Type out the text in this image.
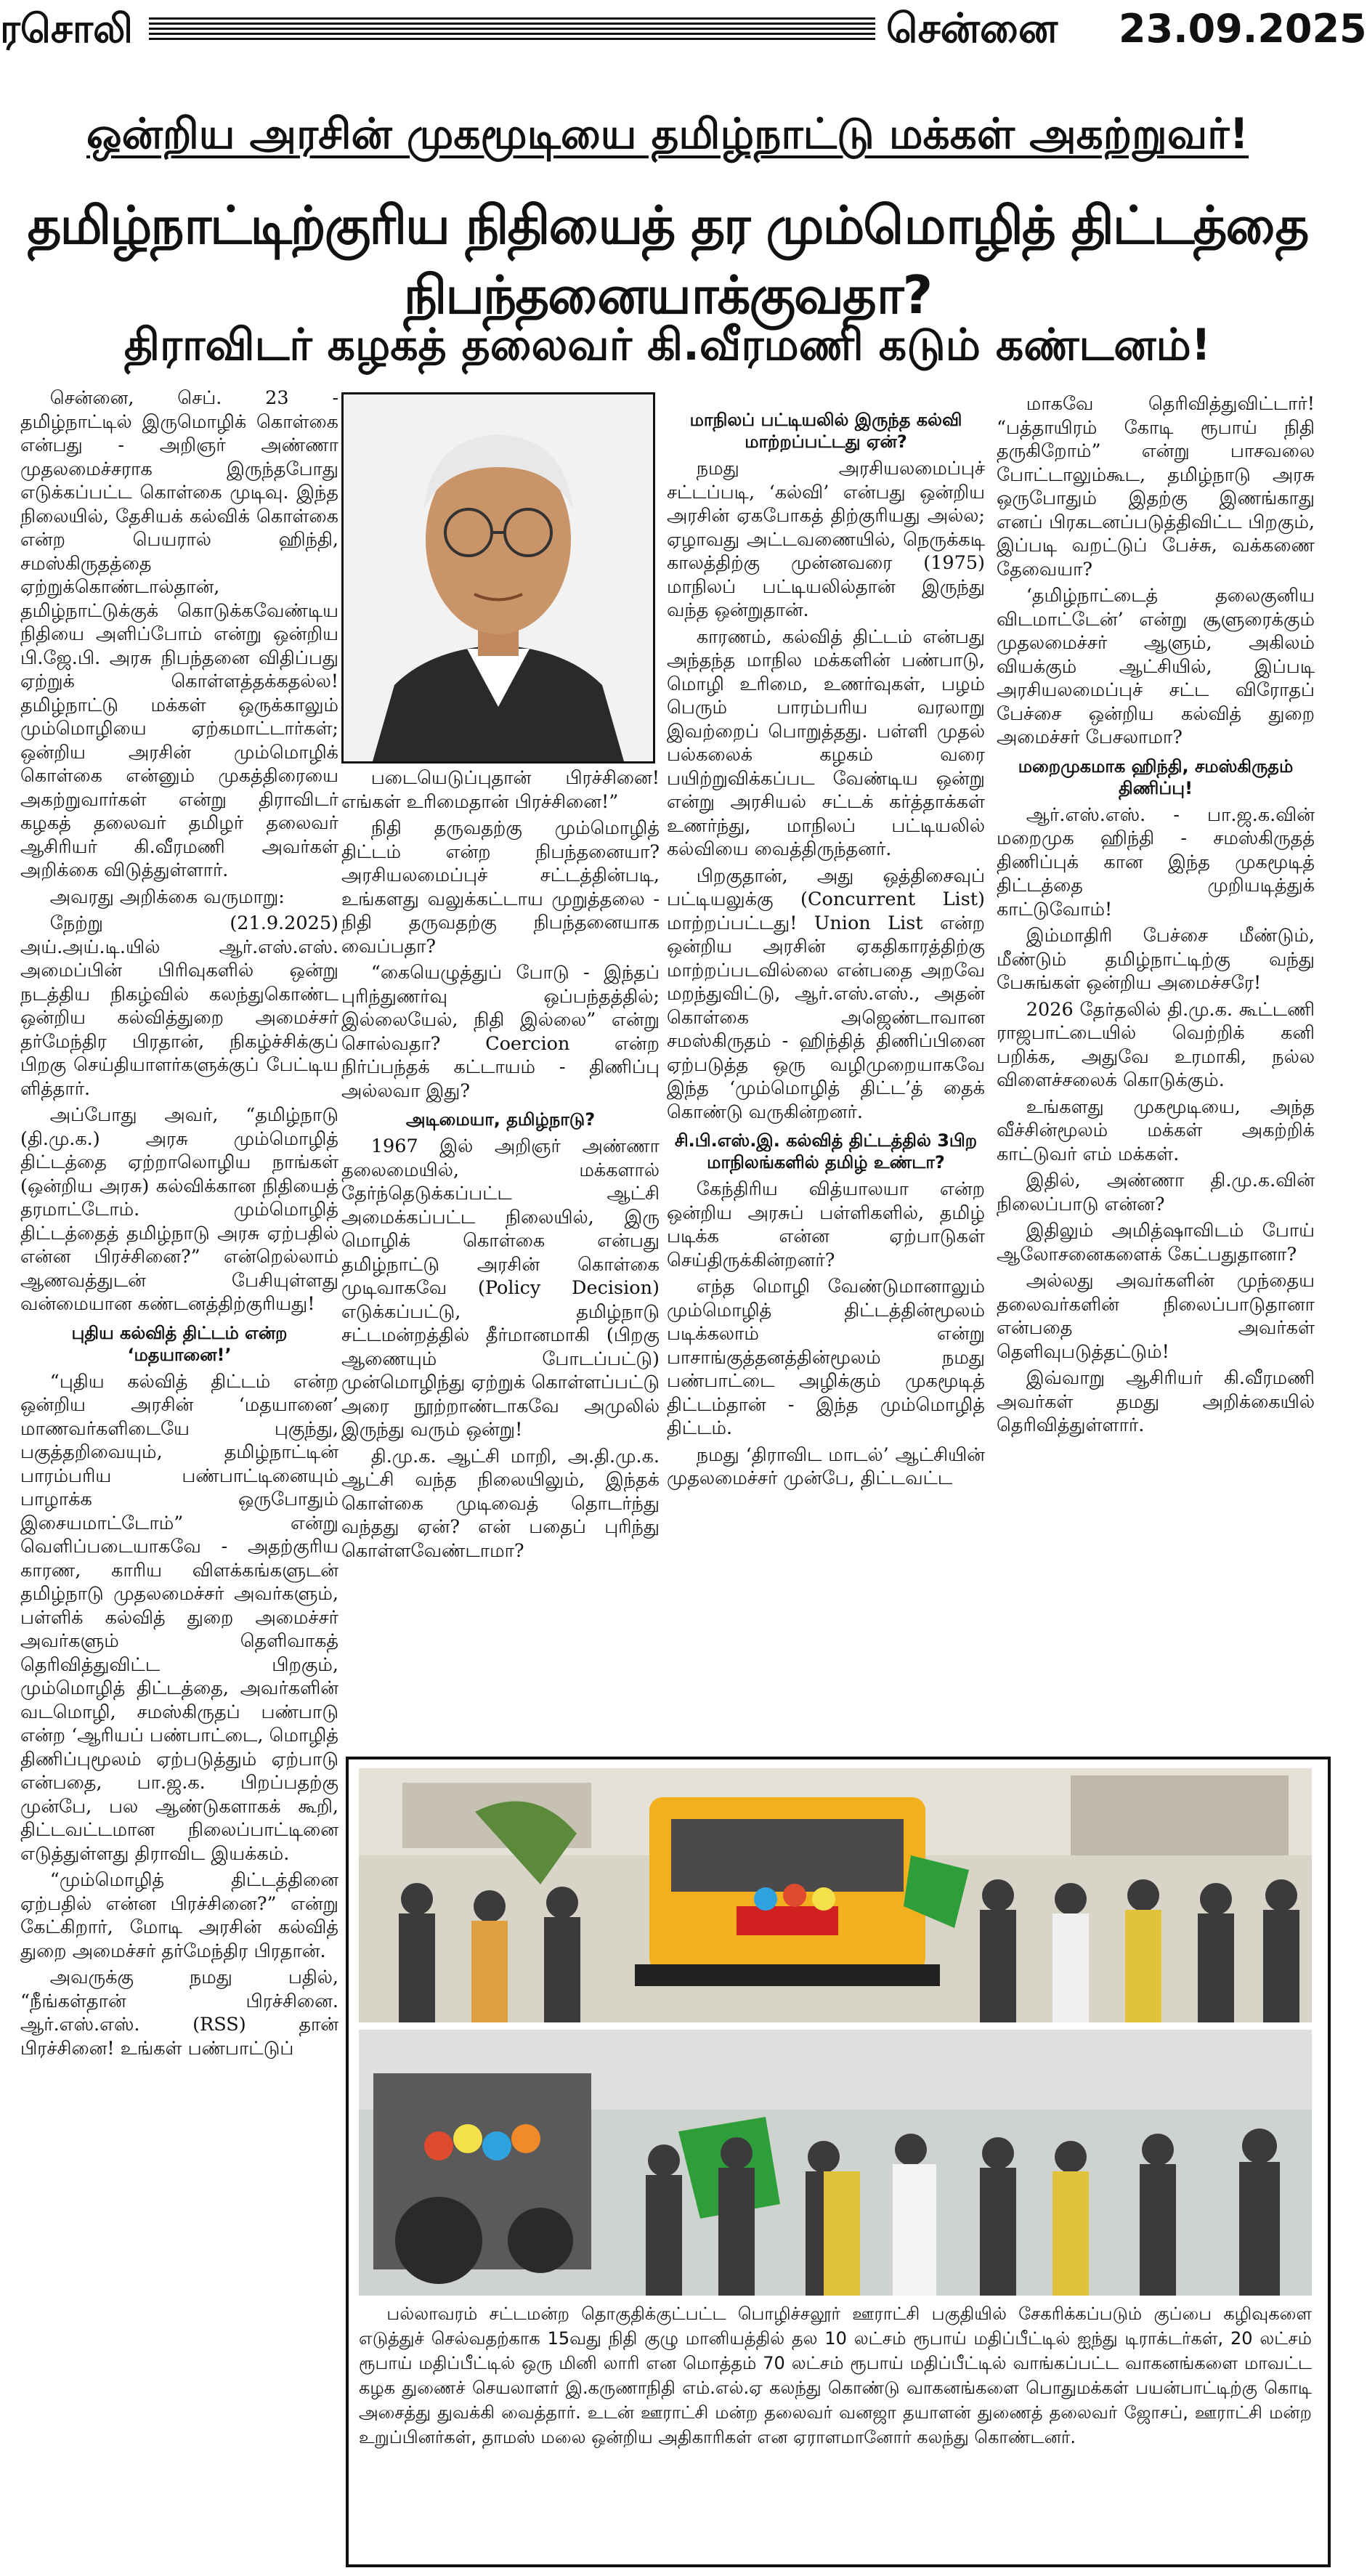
ரசொலி	சென்னை 23.09.2025
ஒன்றிய அரசின் முகமூடியை தமிழ்நாட்டு மக்கள் அகற்றுவர்!
தமிழ்நாட்டிற்குரிய நிதியைத் தர மும்மொழித் திட்டத்தை நிபந்தனையாக்குவதா?
திராவிடர் கழகத் தலைவர் கி.வீரமணி கடும் கண்டனம்!

சென்னை, செப். 23 - தமிழ்நாட்டில் இருமொழிக் கொள்கை என்பது - அறிஞர் அண்ணா முதலமைச்சராக இருந்தபோது எடுக்கப்பட்ட கொள்கை முடிவு. இந்த நிலையில், தேசியக் கல்விக் கொள்கை என்ற பெயரால் ஹிந்தி, சமஸ்கிருதத்தை ஏற்றுக்கொண்டால்தான், தமிழ்நாட்டுக்குக் கொடுக்கவேண்டிய நிதியை அளிப்போம் என்று ஒன்றிய பி.ஜே.பி. அரசு நிபந்தனை விதிப்பது ஏற்றுக் கொள்ளத்தக்கதல்ல! தமிழ்நாட்டு மக்கள் ஒருக்காலும் மும்மொழியை ஏற்கமாட்டார்கள்; ஒன்றிய அரசின் மும்மொழிக் கொள்கை என்னும் முகத்திரையை அகற்றுவார்கள் என்று திராவிடர் கழகத் தலைவர் தமிழர் தலைவர் ஆசிரியர் கி.வீரமணி அவர்கள் அறிக்கை விடுத்துள்ளார்.

அவரது அறிக்கை வருமாறு:

நேற்று (21.9.2025) அய்.அய்.டி.யில் ஆர்.எஸ்.எஸ். அமைப்பின் பிரிவுகளில் ஒன்று நடத்திய நிகழ்வில் கலந்துகொண்ட ஒன்றிய கல்வித்துறை அமைச்சர் தர்மேந்திர பிரதான், நிகழ்ச்சிக்குப் பிறகு செய்தியாளர்களுக்குப் பேட்டிய ளித்தார்.

அப்போது அவர், “தமிழ்நாடு (தி.மு.க.) அரசு மும்மொழித் திட்டத்தை ஏற்றாலொழிய நாங்கள் (ஒன்றிய அரசு) கல்விக்கான நிதியைத் தரமாட்டோம். மும்மொழித் திட்டத்தைத் தமிழ்நாடு அரசு ஏற்பதில் என்ன பிரச்சினை?” என்றெல்லாம் ஆணவத்துடன் பேசியுள்ளது வன்மையான கண்டனத்திற்குரியது!

புதிய கல்வித் திட்டம் என்ற ‘மதயானை!’

“புதிய கல்வித் திட்டம் என்ற ஒன்றிய அரசின் ‘மதயானை’ மாணவர்களிடையே புகுந்து, பகுத்தறிவையும், தமிழ்நாட்டின் பாரம்பரிய பண்பாட்டினையும் பாழாக்க ஒருபோதும் இசையமாட்டோம்” என்று வெளிப்படையாகவே - அதற்குரிய காரண, காரிய விளக்கங்களுடன் தமிழ்நாடு முதலமைச்சர் அவர்களும், பள்ளிக் கல்வித் துறை அமைச்சர் அவர்களும் தெளிவாகத் தெரிவித்துவிட்ட பிறகும், மும்மொழித் திட்டத்தை, அவர்களின் வடமொழி, சமஸ்கிருதப் பண்பாடு என்ற ‘ஆரியப் பண்பாட்டை, மொழித் திணிப்புமூலம் ஏற்படுத்தும் ஏற்பாடு என்பதை, பா.ஜ.க. பிறப்பதற்கு முன்பே, பல ஆண்டுகளாகக் கூறி, திட்டவட்டமான நிலைப்பாட்டினை எடுத்துள்ளது திராவிட இயக்கம்.

“மும்மொழித் திட்டத்தினை ஏற்பதில் என்ன பிரச்சினை?” என்று கேட்கிறார், மோடி அரசின் கல்வித் துறை அமைச்சர் தர்மேந்திர பிரதான்.

அவருக்கு நமது பதில், “நீங்கள்தான் பிரச்சினை. ஆர்.எஸ்.எஸ். (RSS) தான் பிரச்சினை! உங்கள் பண்பாட்டுப்

படையெடுப்புதான் பிரச்சினை! எங்கள் உரிமைதான் பிரச்சினை!”

நிதி தருவதற்கு மும்மொழித் திட்டம் என்ற நிபந்தனையா? அரசியலமைப்புச் சட்டத்தின்படி, உங்களது வலுக்கட்டாய முறுத்தலை - நிதி தருவதற்கு நிபந்தனையாக வைப்பதா?

“கையெழுத்துப் போடு - இந்தப் புரிந்துணர்வு ஒப்பந்தத்தில்; இல்லையேல், நிதி இல்லை” என்று சொல்வதா? Coercion என்ற நிர்ப்பந்தக் கட்டாயம் - திணிப்பு அல்லவா இது?

அடிமையா, தமிழ்நாடு?

1967 இல் அறிஞர் அண்ணா தலைமையில், மக்களால் தேர்ந்தெடுக்கப்பட்ட ஆட்சி அமைக்கப்பட்ட நிலையில், இரு மொழிக் கொள்கை என்பது தமிழ்நாட்டு அரசின் கொள்கை முடிவாகவே (Policy Decision) எடுக்கப்பட்டு, தமிழ்நாடு சட்டமன்றத்தில் தீர்மானமாகி (பிறகு ஆணையும் போடப்பட்டு) முன்மொழிந்து ஏற்றுக் கொள்ளப்பட்டு அரை நூற்றாண்டாகவே அமுலில் இருந்து வரும் ஒன்று!

தி.மு.க. ஆட்சி மாறி, அ.தி.மு.க. ஆட்சி வந்த நிலையிலும், இந்தக் கொள்கை முடிவைத் தொடர்ந்து வந்தது ஏன்? என் பதைப் புரிந்து கொள்ளவேண்டாமா?

மாநிலப் பட்டியலில் இருந்த கல்வி மாற்றப்பட்டது ஏன்?

நமது அரசியலமைப்புச் சட்டப்படி, ‘கல்வி’ என்பது ஒன்றிய அரசின் ஏகபோகத் திற்குரியது அல்ல; ஏழாவது அட்டவணையில், நெருக்கடி காலத்திற்கு முன்னவரை (1975) மாநிலப் பட்டியலில்தான் இருந்து வந்த ஒன்றுதான்.

காரணம், கல்வித் திட்டம் என்பது அந்தந்த மாநில மக்களின் பண்பாடு, மொழி உரிமை, உணர்வுகள், பழம் பெரும் பாரம்பரிய வரலாறு இவற்றைப் பொறுத்தது. பள்ளி முதல் பல்கலைக் கழகம் வரை பயிற்றுவிக்கப்பட வேண்டிய ஒன்று என்று அரசியல் சட்டக் கர்த்தாக்கள் உணர்ந்து, மாநிலப் பட்டியலில் கல்வியை வைத்திருந்தனர்.

பிறகுதான், அது ஒத்திசைவுப் பட்டியலுக்கு (Concurrent List) மாற்றப்பட்டது! Union List என்ற ஒன்றிய அரசின் ஏகதிகாரத்திற்கு மாற்றப்படவில்லை என்பதை அறவே மறந்துவிட்டு, ஆர்.எஸ்.எஸ்., அதன் கொள்கை அஜெண்டாவான சமஸ்கிருதம் - ஹிந்தித் திணிப்பினை ஏற்படுத்த ஒரு வழிமுறையாகவே இந்த ‘மும்மொழித் திட்ட’த் தைக் கொண்டு வருகின்றனர்.

சி.பி.எஸ்.இ. கல்வித் திட்டத்தில் 3பிற மாநிலங்களில் தமிழ் உண்டா?

கேந்திரிய வித்யாலயா என்ற ஒன்றிய அரசுப் பள்ளிகளில், தமிழ் படிக்க என்ன ஏற்பாடுகள் செய்திருக்கின்றனர்?

எந்த மொழி வேண்டுமானாலும் மும்மொழித் திட்டத்தின்மூலம் படிக்கலாம் என்று பாசாங்குத்தனத்தின்மூலம் நமது பண்பாட்டை அழிக்கும் முகமூடித் திட்டம்தான் - இந்த மும்மொழித் திட்டம்.

நமது ‘திராவிட மாடல்’ ஆட்சியின் முதலமைச்சர் முன்பே, திட்டவட்ட

மாகவே தெரிவித்துவிட்டார்! “பத்தாயிரம் கோடி ரூபாய் நிதி தருகிறோம்” என்று பாசவலை போட்டாலும்கூட, தமிழ்நாடு அரசு ஒருபோதும் இதற்கு இணங்காது எனப் பிரகடனப்படுத்திவிட்ட பிறகும், இப்படி வறட்டுப் பேச்சு, வக்கணை தேவையா?

‘தமிழ்நாட்டைத் தலைகுனிய விடமாட்டேன்’ என்று சூளுரைக்கும் முதலமைச்சர் ஆளும், அகிலம் வியக்கும் ஆட்சியில், இப்படி அரசியலமைப்புச் சட்ட விரோதப் பேச்சை ஒன்றிய கல்வித் துறை அமைச்சர் பேசலாமா?

மறைமுகமாக ஹிந்தி, சமஸ்கிருதம் திணிப்பு!

ஆர்.எஸ்.எஸ். - பா.ஜ.க.வின் மறைமுக ஹிந்தி - சமஸ்கிருதத் திணிப்புக் கான இந்த முகமூடித் திட்டத்தை முறியடித்துக் காட்டுவோம்!

இம்மாதிரி பேச்சை மீண்டும், மீண்டும் தமிழ்நாட்டிற்கு வந்து பேசுங்கள் ஒன்றிய அமைச்சரே!

2026 தேர்தலில் தி.மு.க. கூட்டணி ராஜபாட்டையில் வெற்றிக் கனி பறிக்க, அதுவே உரமாகி, நல்ல விளைச்சலைக் கொடுக்கும்.

உங்களது முகமூடியை, அந்த வீச்சின்மூலம் மக்கள் அகற்றிக் காட்டுவர் எம் மக்கள்.

இதில், அண்ணா தி.மு.க.வின் நிலைப்பாடு என்ன?

இதிலும் அமித்ஷாவிடம் போய் ஆலோசனைகளைக் கேட்பதுதானா?

அல்லது அவர்களின் முந்தைய தலைவர்களின் நிலைப்பாடுதானா என்பதை அவர்கள் தெளிவுபடுத்தட்டும்!

இவ்வாறு ஆசிரியர் கி.வீரமணி அவர்கள் தமது அறிக்கையில் தெரிவித்துள்ளார்.

பல்லாவரம் சட்டமன்ற தொகுதிக்குட்பட்ட பொழிச்சலூர் ஊராட்சி பகுதியில் சேகரிக்கப்படும் குப்பை கழிவுகளை எடுத்துச் செல்வதற்காக 15வது நிதி குழு மானியத்தில் தல 10 லட்சம் ரூபாய் மதிப்பீட்டில் ஐந்து டிராக்டர்கள், 20 லட்சம் ரூபாய் மதிப்பீட்டில் ஒரு மினி லாரி என மொத்தம் 70 லட்சம் ரூபாய் மதிப்பீட்டில் வாங்கப்பட்ட வாகனங்களை மாவட்ட கழக துணைச் செயலாளர் இ.கருணாநிதி எம்.எல்.ஏ கலந்து கொண்டு வாகனங்களை பொதுமக்கள் பயன்பாட்டிற்கு கொடி அசைத்து துவக்கி வைத்தார். உடன் ஊராட்சி மன்ற தலைவர் வனஜா தயாளன் துணைத் தலைவர் ஜோசப், ஊராட்சி மன்ற உறுப்பினர்கள், தாமஸ் மலை ஒன்றிய அதிகாரிகள் என ஏராளமானோர் கலந்து கொண்டனர்.
